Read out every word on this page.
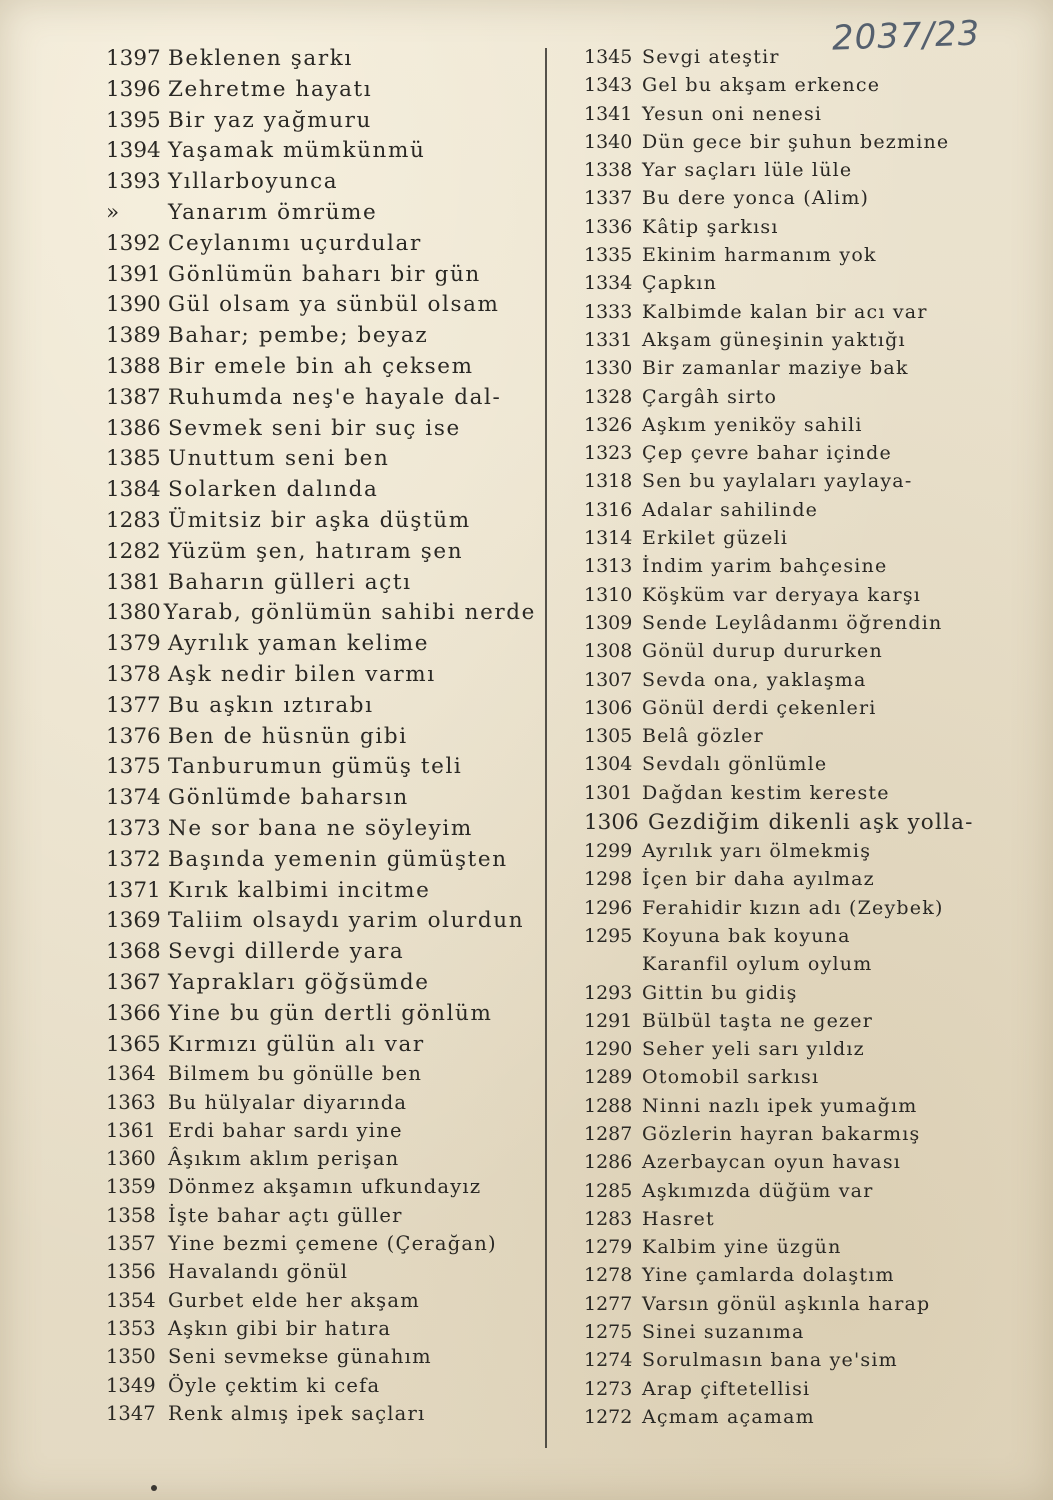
2037/23
1397 Beklenen şarkı
1396 Zehretme hayatı
1395 Bir yaz yağmuru
1394 Yaşamak mümkünmü
1393 Yıllarboyunca
»	Yanarım ömrüme
1392 Ceylanımı uçurdular
1391 Gönlümün baharı bir gün
1390 Gül olsam ya sünbül olsam
1389 Bahar; pembe; beyaz
1388 Bir emele bin ah çeksem
1387 Ruhumda neş'e hayale dal-
1386 Sevmek seni bir suç ise
1385 Unuttum seni ben
1384 Solarken dalında
1283 Ümitsiz bir aşka düştüm
1282 Yüzüm şen, hatıram şen
1381 Baharın gülleri açtı
1380 Yarab, gönlümün sahibi nerde
1379 Ayrılık yaman kelime
1378 Aşk nedir bilen varmı
1377 Bu aşkın ıztırabı
1376 Ben de hüsnün gibi
1375 Tanburumun gümüş teli
1374 Gönlümde baharsın
1373 Ne sor bana ne söyleyim
1372 Başında yemenin gümüşten
1371 Kırık kalbimi incitme
1369 Taliim olsaydı yarim olurdun
1368 Sevgi dillerde yara
1367 Yaprakları göğsümde
1366 Yine bu gün dertli gönlüm
1365 Kırmızı gülün alı var
1364 Bilmem bu gönülle ben
1363 Bu hülyalar diyarında
1361 Erdi bahar sardı yine
1360 Âşıkım aklım perişan
1359 Dönmez akşamın ufkundayız
1358 İşte bahar açtı güller
1357 Yine bezmi çemene (Çerağan)
1356 Havalandı gönül
1354 Gurbet elde her akşam
1353 Aşkın gibi bir hatıra
1350 Seni sevmekse günahım
1349 Öyle çektim ki cefa
1347 Renk almış ipek saçları
1345 Sevgi ateştir
1343 Gel bu akşam erkence
1341 Yesun oni nenesi
1340 Dün gece bir şuhun bezmine
1338 Yar saçları lüle lüle
1337 Bu dere yonca (Alim)
1336 Kâtip şarkısı
1335 Ekinim harmanım yok
1334 Çapkın
1333 Kalbimde kalan bir acı var
1331 Akşam güneşinin yaktığı
1330 Bir zamanlar maziye bak
1328 Çargâh sirto
1326 Aşkım yeniköy sahili
1323 Çep çevre bahar içinde
1318 Sen bu yaylaları yaylaya-
1316 Adalar sahilinde
1314 Erkilet güzeli
1313 İndim yarim bahçesine
1310 Köşküm var deryaya karşı
1309 Sende Leylâdanmı öğrendin
1308 Gönül durup dururken
1307 Sevda ona, yaklaşma
1306 Gönül derdi çekenleri
1305 Belâ gözler
1304 Sevdalı gönlümle
1301 Dağdan kestim kereste
1306 Gezdiğim dikenli aşk yolla-
1299 Ayrılık yarı ölmekmiş
1298 İçen bir daha ayılmaz
1296 Ferahidir kızın adı (Zeybek)
1295 Koyuna bak koyuna
Karanfil oylum oylum
1293 Gittin bu gidiş
1291 Bülbül taşta ne gezer
1290 Seher yeli sarı yıldız
1289 Otomobil sarkısı
1288 Ninni nazlı ipek yumağım
1287 Gözlerin hayran bakarmış
1286 Azerbaycan oyun havası
1285 Aşkımızda düğüm var
1283 Hasret
1279 Kalbim yine üzgün
1278 Yine çamlarda dolaştım
1277 Varsın gönül aşkınla harap
1275 Sinei suzanıma
1274 Sorulmasın bana ye'sim
1273 Arap çiftetellisi
1272 Açmam açamam
